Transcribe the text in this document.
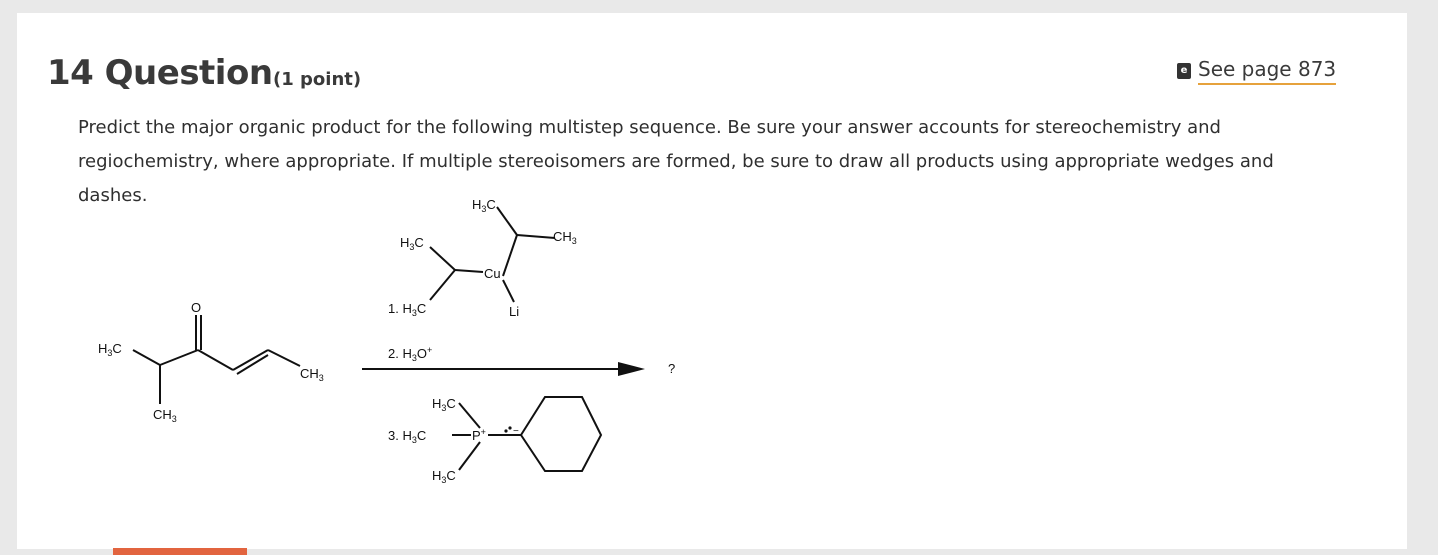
14 Question (1 point)	e See page 873
Predict the major organic product for the following multistep sequence. Be sure your answer accounts for stereochemistry and regiochemistry, where appropriate. If multiple stereoisomers are formed, be sure to draw all products using appropriate wedges and dashes.
$H_3C$
O
$CH_3$
$CH_3$
$H_3C$
$H_3C$	$CH_3$
Cu
Li
1. $H_3C$
2. $H_3O^+$
?
$H_3C$
P+
$H_3C$
3. $H_3C$	−
